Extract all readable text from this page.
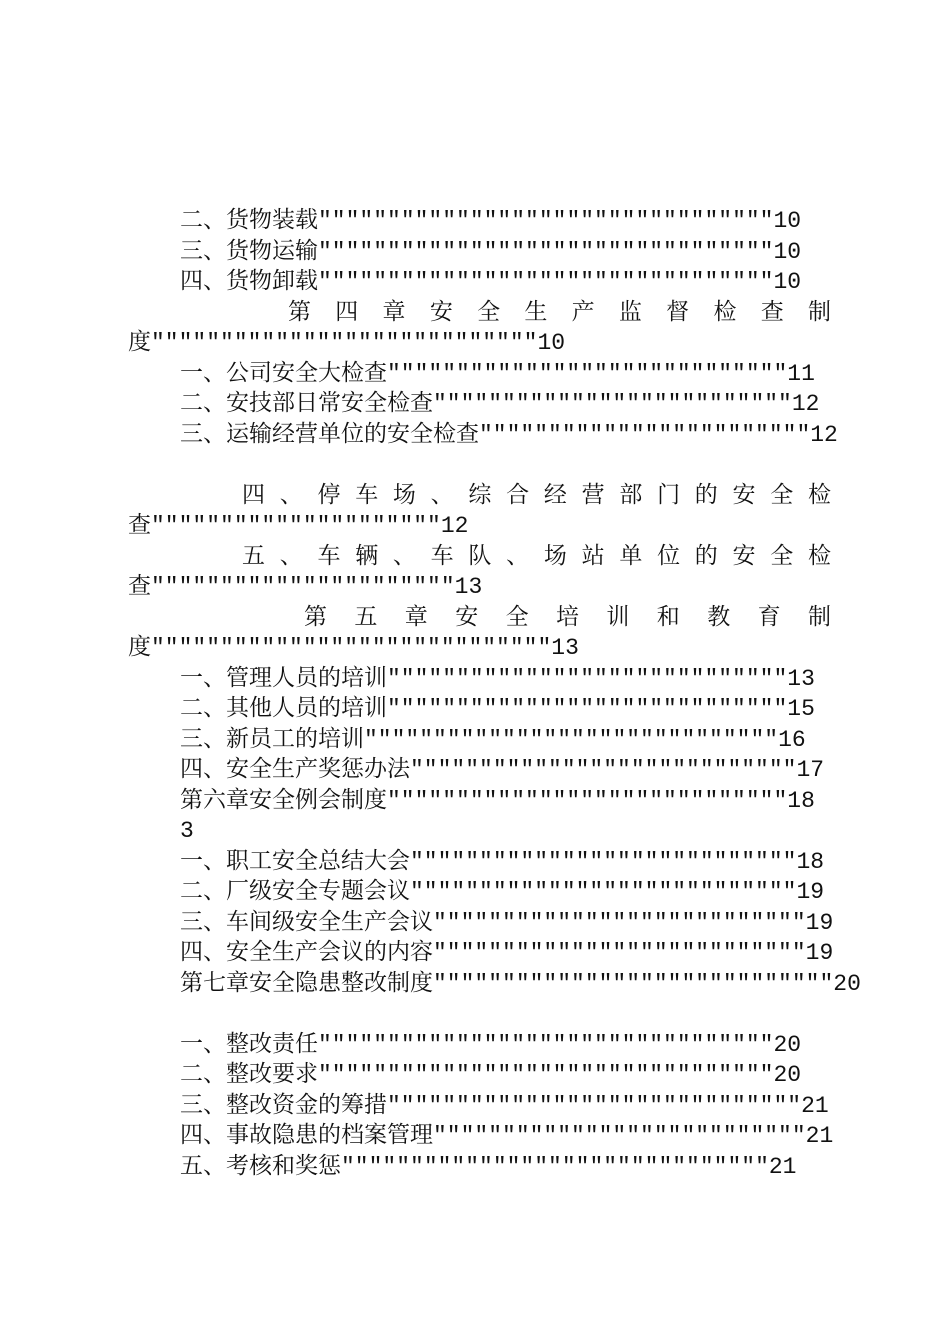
二、货物装载"""""""""""""""""""""""""""""""""10
三、货物运输"""""""""""""""""""""""""""""""""10
四、货物卸载"""""""""""""""""""""""""""""""""10
第四章安全生产监督检查制
度""""""""""""""""""""""""""""10
一、公司安全大检查"""""""""""""""""""""""""""""11
二、安技部日常安全检查""""""""""""""""""""""""""12
三、运输经营单位的安全检查""""""""""""""""""""""""12
四、停车场、综合经营部门的安全检
查"""""""""""""""""""""12
五、车辆、车队、场站单位的安全检
查""""""""""""""""""""""13
第五章安全培训和教育制
度"""""""""""""""""""""""""""""13
一、管理人员的培训"""""""""""""""""""""""""""""13
二、其他人员的培训"""""""""""""""""""""""""""""15
三、新员工的培训""""""""""""""""""""""""""""""16
四、安全生产奖惩办法""""""""""""""""""""""""""""17
第六章安全例会制度"""""""""""""""""""""""""""""18
3
一、职工安全总结大会""""""""""""""""""""""""""""18
二、厂级安全专题会议""""""""""""""""""""""""""""19
三、车间级安全生产会议"""""""""""""""""""""""""""19
四、安全生产会议的内容"""""""""""""""""""""""""""19
第七章安全隐患整改制度"""""""""""""""""""""""""""""20
一、整改责任"""""""""""""""""""""""""""""""""20
二、整改要求"""""""""""""""""""""""""""""""""20
三、整改资金的筹措""""""""""""""""""""""""""""""21
四、事故隐患的档案管理"""""""""""""""""""""""""""21
五、考核和奖惩"""""""""""""""""""""""""""""""21
